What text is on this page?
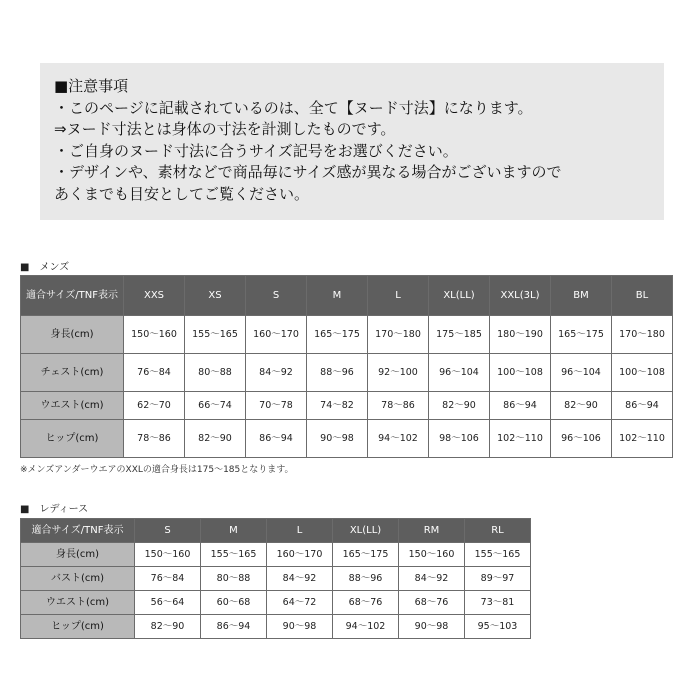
■注意事項
・このページに記載されているのは、全て【ヌード寸法】になります。
⇒ヌード寸法とは身体の寸法を計測したものです。
・ご自身のヌード寸法に合うサイズ記号をお選びください。
・デザインや、素材などで商品毎にサイズ感が異なる場合がございますので
あくまでも目安としてご覧ください。
■　メンズ
適合サイズ/TNF表示	XXS	XS	S	M	L	XL(LL)	XXL(3L)	BM	BL

身長(cm)	150～160	155～165	160～170	165～175	170～180	175～185	180～190	165～175	170～180

チェスト(cm)	76～84	80～88	84～92	88～96	92～100	96～104	100～108	96～104	100～108

ウエスト(cm)	62～70	66～74	70～78	74～82	78～86	82～90	86～94	82～90	86～94

ヒップ(cm)	78～86	82～90	86～94	90～98	94～102	98～106	102～110	96～106	102～110
※メンズアンダーウエアのXXLの適合身長は175～185となります。
■　レディース
適合サイズ/TNF表示	S	M	L	XL(LL)	RM	RL

身長(cm)	150～160	155～165	160～170	165～175	150～160	155～165

バスト(cm)	76～84	80～88	84～92	88～96	84～92	89～97

ウエスト(cm)	56～64	60～68	64～72	68～76	68～76	73～81

ヒップ(cm)	82～90	86～94	90～98	94～102	90～98	95～103
